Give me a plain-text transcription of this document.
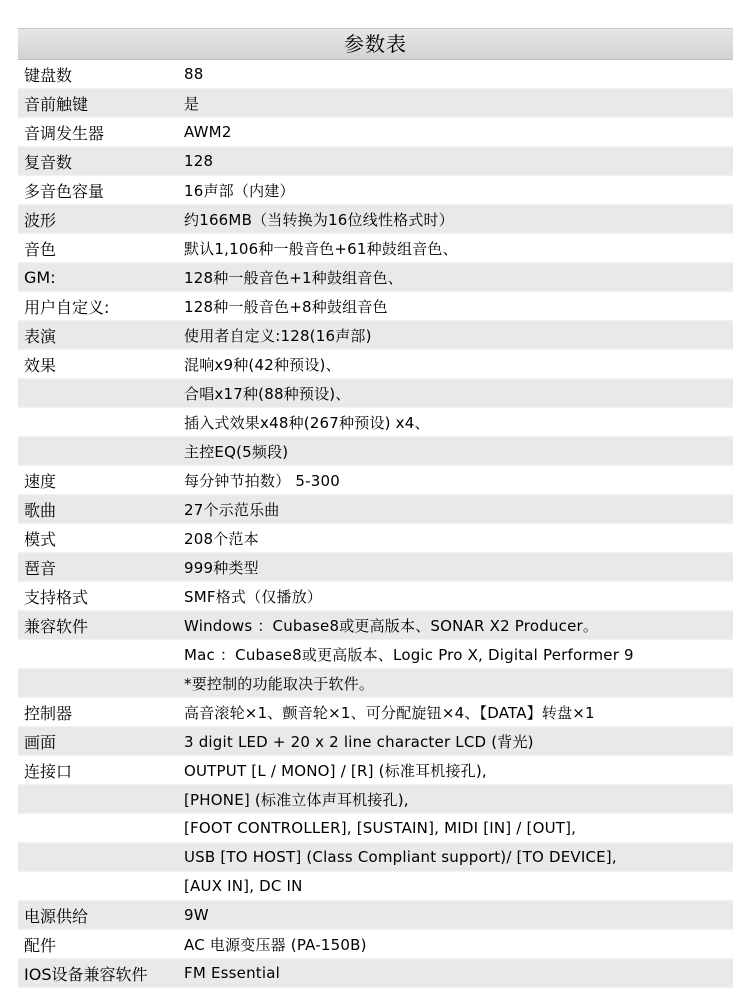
参数表
键盘数	88
音前触键	是
音调发生器	AWM2
复音数	128
多音色容量	16声部（内建）
波形	约166MB（当转换为16位线性格式时）
音色	默认1,106种一般音色+61种鼓组音色、
GM:	128种一般音色+1种鼓组音色、
用户自定义:	128种一般音色+8种鼓组音色
表演	使用者自定义:128(16声部)
效果	混响x9种(42种预设)、
合唱x17种(88种预设)、
插入式效果x48种(267种预设) x4、
主控EQ(5频段)
速度	每分钟节拍数） 5-300
歌曲	27个示范乐曲
模式	208个范本
琶音	999种类型
支持格式	SMF格式（仅播放）
兼容软件	Windows ：Cubase8或更高版本、SONAR X2 Producer。
Mac ：Cubase8或更高版本、Logic Pro X, Digital Performer 9
*要控制的功能取决于软件。
控制器	高音滚轮×1、颤音轮×1、可分配旋钮×4、【DATA】转盘×1
画面	3 digit LED + 20 x 2 line character LCD (背光)
连接口	OUTPUT [L / MONO] / [R] (标准耳机接孔),
[PHONE] (标准立体声耳机接孔),
[FOOT CONTROLLER], [SUSTAIN], MIDI [IN] / [OUT],
USB [TO HOST] (Class Compliant support)/ [TO DEVICE],
[AUX IN], DC IN
电源供给	9W
配件	AC 电源变压器 (PA-150B)
IOS设备兼容软件	FM Essential
